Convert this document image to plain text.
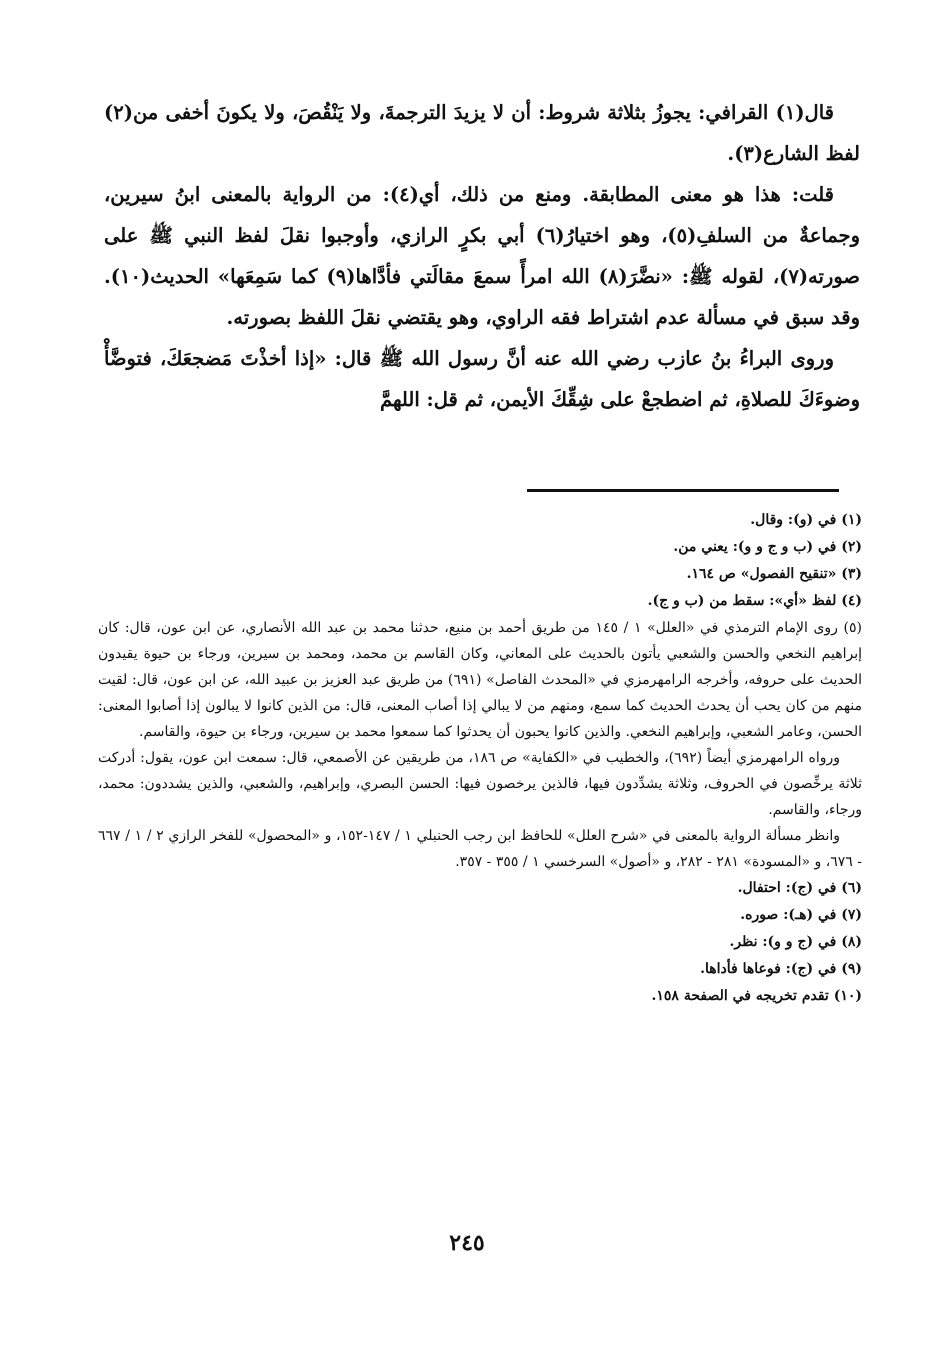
قال(١) القرافي: يجوزُ بثلاثة شروط: أن لا يزيدَ الترجمةَ، ولا يَنْقُصَ، ولا يكونَ أخفى من(٢) لفظ الشارع(٣).

قلت: هذا هو معنى المطابقة. ومنع من ذلك، أي(٤): من الرواية بالمعنى ابنُ سيرين، وجماعةٌ من السلفِ(٥)، وهو اختيارُ(٦) أبي بكرٍ الرازي، وأوجبوا نقلَ لفظ النبي ﷺ على صورته(٧)، لقوله ﷺ: «نضَّرَ(٨) الله امرأً سمعَ مقالَتي فأدَّاها(٩) كما سَمِعَها» الحديث(١٠). وقد سبق في مسألة عدم اشتراط فقه الراوي، وهو يقتضي نقلَ اللفظ بصورته.

وروى البراءُ بنُ عازب رضي الله عنه أنَّ رسول الله ﷺ قال: «إذا أخذْتَ مَضجعَكَ، فتوضَّأْ وضوءَكَ للصلاةِ، ثم اضطجعْ على شِقِّكَ الأيمن، ثم قل: اللهمَّ

(١) في (و): وقال.

(٢) في (ب و ج و و): يعني من.

(٣) «تنقيح الفصول» ص ١٦٤.

(٤) لفظ «أي»: سقط من (ب و ج).

(٥) روى الإمام الترمذي في «العلل» ١ / ١٤٥ من طريق أحمد بن منيع، حدثنا محمد بن عبد الله الأنصاري، عن ابن عون، قال: كان إبراهيم النخعي والحسن والشعبي يأتون بالحديث على المعاني، وكان القاسم بن محمد، ومحمد بن سيرين، ورجاء بن حيوة يقيدون الحديث على حروفه، وأخرجه الرامهرمزي في «المحدث الفاصل» (٦٩١) من طريق عبد العزيز بن عبيد الله، عن ابن عون، قال: لقيت منهم من كان يحب أن يحدث الحديث كما سمع، ومنهم من لا يبالي إذا أصاب المعنى، قال: من الذين كانوا لا يبالون إذا أصابوا المعنى: الحسن، وعامر الشعبي، وإبراهيم النخعي. والذين كانوا يحبون أن يحدثوا كما سمعوا محمد بن سيرين، ورجاء بن حيوة، والقاسم.

ورواه الرامهرمزي أيضاً (٦٩٢)، والخطيب في «الكفاية» ص ١٨٦، من طريقين عن الأصمعي، قال: سمعت ابن عون، يقول: أدركت ثلاثة يرخِّصون في الحروف، وثلاثة يشدِّدون فيها، فالذين يرخصون فيها: الحسن البصري، وإبراهيم، والشعبي، والذين يشددون: محمد، ورجاء، والقاسم.

وانظر مسألة الرواية بالمعنى في «شرح العلل» للحافظ ابن رجب الحنبلي ١ / ١٤٧-١٥٢، و «المحصول» للفخر الرازي ٢ / ١ / ٦٦٧ - ٦٧٦، و «المسودة» ٢٨١ - ٢٨٢، و «أصول» السرخسي ١ / ٣٥٥ - ٣٥٧.

(٦) في (ج): احتفال.

(٧) في (هـ): صوره.

(٨) في (ج و و): نظر.

(٩) في (ج): فوعاها فأداها.

(١٠) تقدم تخريجه في الصفحة ١٥٨.

٢٤٥
